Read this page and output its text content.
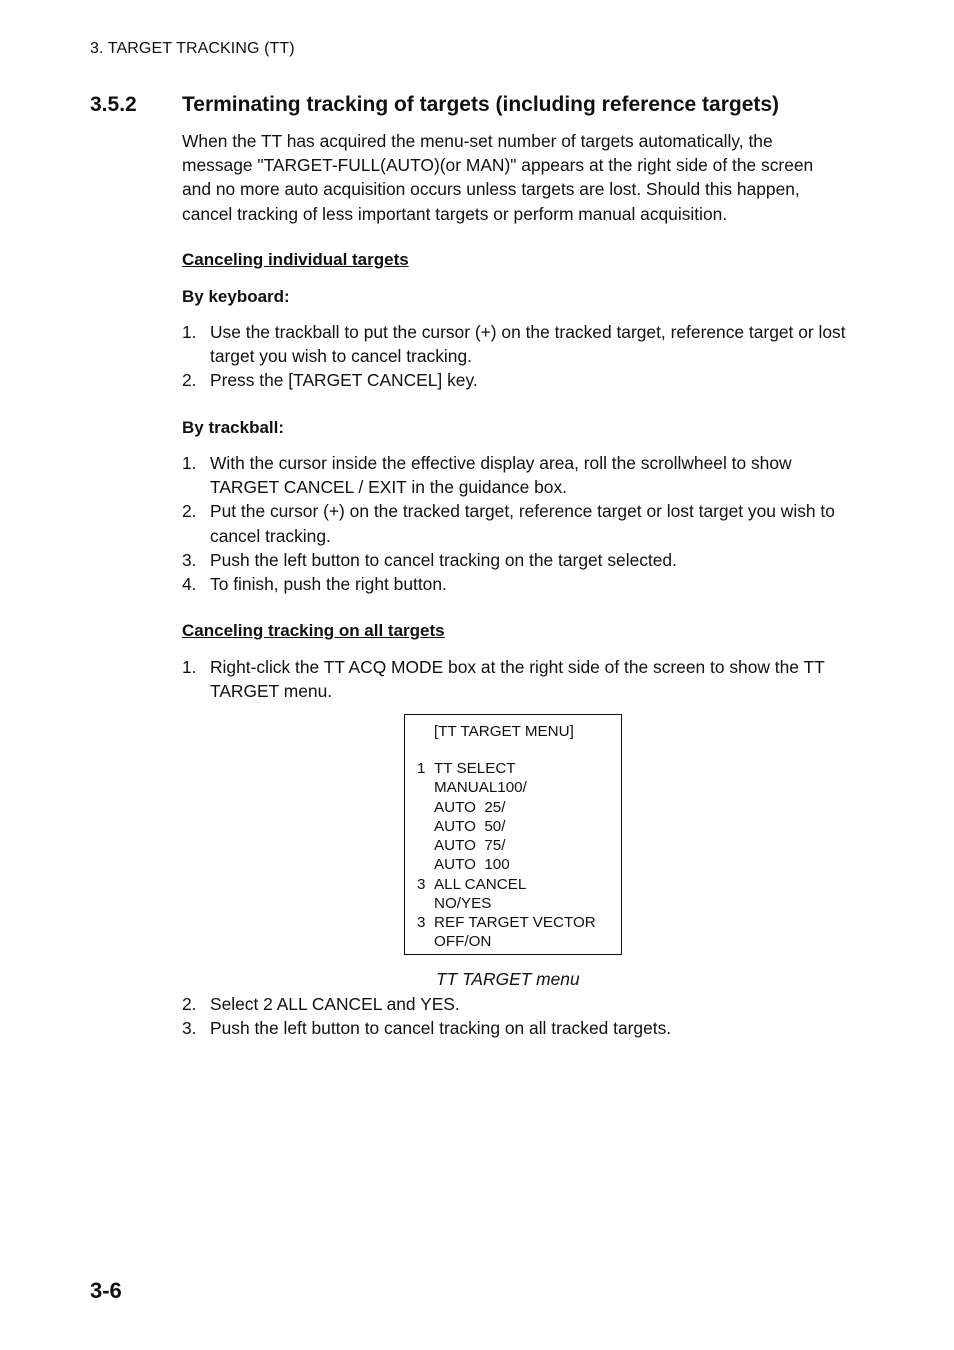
3. TARGET TRACKING (TT)
3.5.2 Terminating tracking of targets (including reference targets)
When the TT has acquired the menu-set number of targets automatically, the message "TARGET-FULL(AUTO)(or MAN)" appears at the right side of the screen and no more auto acquisition occurs unless targets are lost. Should this happen, cancel tracking of less important targets or perform manual acquisition.
Canceling individual targets
By keyboard:
1. Use the trackball to put the cursor (+) on the tracked target, reference target or lost target you wish to cancel tracking.
2. Press the [TARGET CANCEL] key.
By trackball:
1. With the cursor inside the effective display area, roll the scrollwheel to show TARGET CANCEL / EXIT in the guidance box.
2. Put the cursor (+) on the tracked target, reference target or lost target you wish to cancel tracking.
3. Push the left button to cancel tracking on the target selected.
4. To finish, push the right button.
Canceling tracking on all targets
1. Right-click the TT ACQ MODE box at the right side of the screen to show the TT TARGET menu.
[TT TARGET MENU]
1 TT SELECT
MANUAL100/
AUTO  25/
AUTO  50/
AUTO  75/
AUTO  100
3 ALL CANCEL
NO/YES
3 REF TARGET VECTOR
OFF/ON
TT TARGET menu
2. Select 2 ALL CANCEL and YES.
3. Push the left button to cancel tracking on all tracked targets.
3-6
